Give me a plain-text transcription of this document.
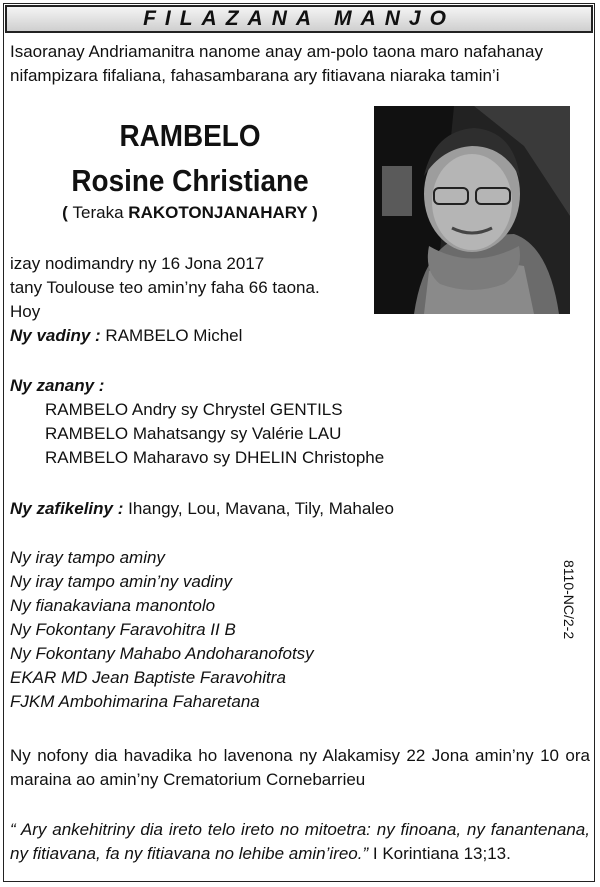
FILAZANA MANJO
Isaoranay Andriamanitra nanome anay am-polo taona maro nafahanay nifampizara fifaliana, fahasambarana ary fitiavana niaraka tamin’i
RAMBELO
Rosine Christiane
( Teraka RAKOTONJANAHARY )
izay nodimandry ny 16 Jona 2017
tany Toulouse teo amin’ny faha 66 taona.
Hoy
Ny vadiny : RAMBELO Michel
Ny zanany :
RAMBELO Andry sy Chrystel GENTILS
RAMBELO Mahatsangy sy Valérie LAU
RAMBELO Maharavo sy DHELIN Christophe
Ny zafikeliny : Ihangy, Lou, Mavana, Tily, Mahaleo
Ny iray tampo aminy
Ny iray tampo amin’ny vadiny
Ny fianakaviana manontolo
Ny Fokontany Faravohitra II B
Ny Fokontany Mahabo Andoharanofotsy
EKAR MD Jean Baptiste Faravohitra
FJKM Ambohimarina Faharetana
8110-NC/2-2
Ny nofony dia havadika ho lavenona ny Alakamisy 22 Jona amin’ny 10 ora maraina ao amin’ny Crematorium Cornebarrieu
“ Ary ankehitriny dia ireto telo ireto no mitoetra: ny finoana, ny fanantenana, ny fitiavana, fa ny fitiavana no lehibe amin’ireo.” I Korintiana 13;13.
